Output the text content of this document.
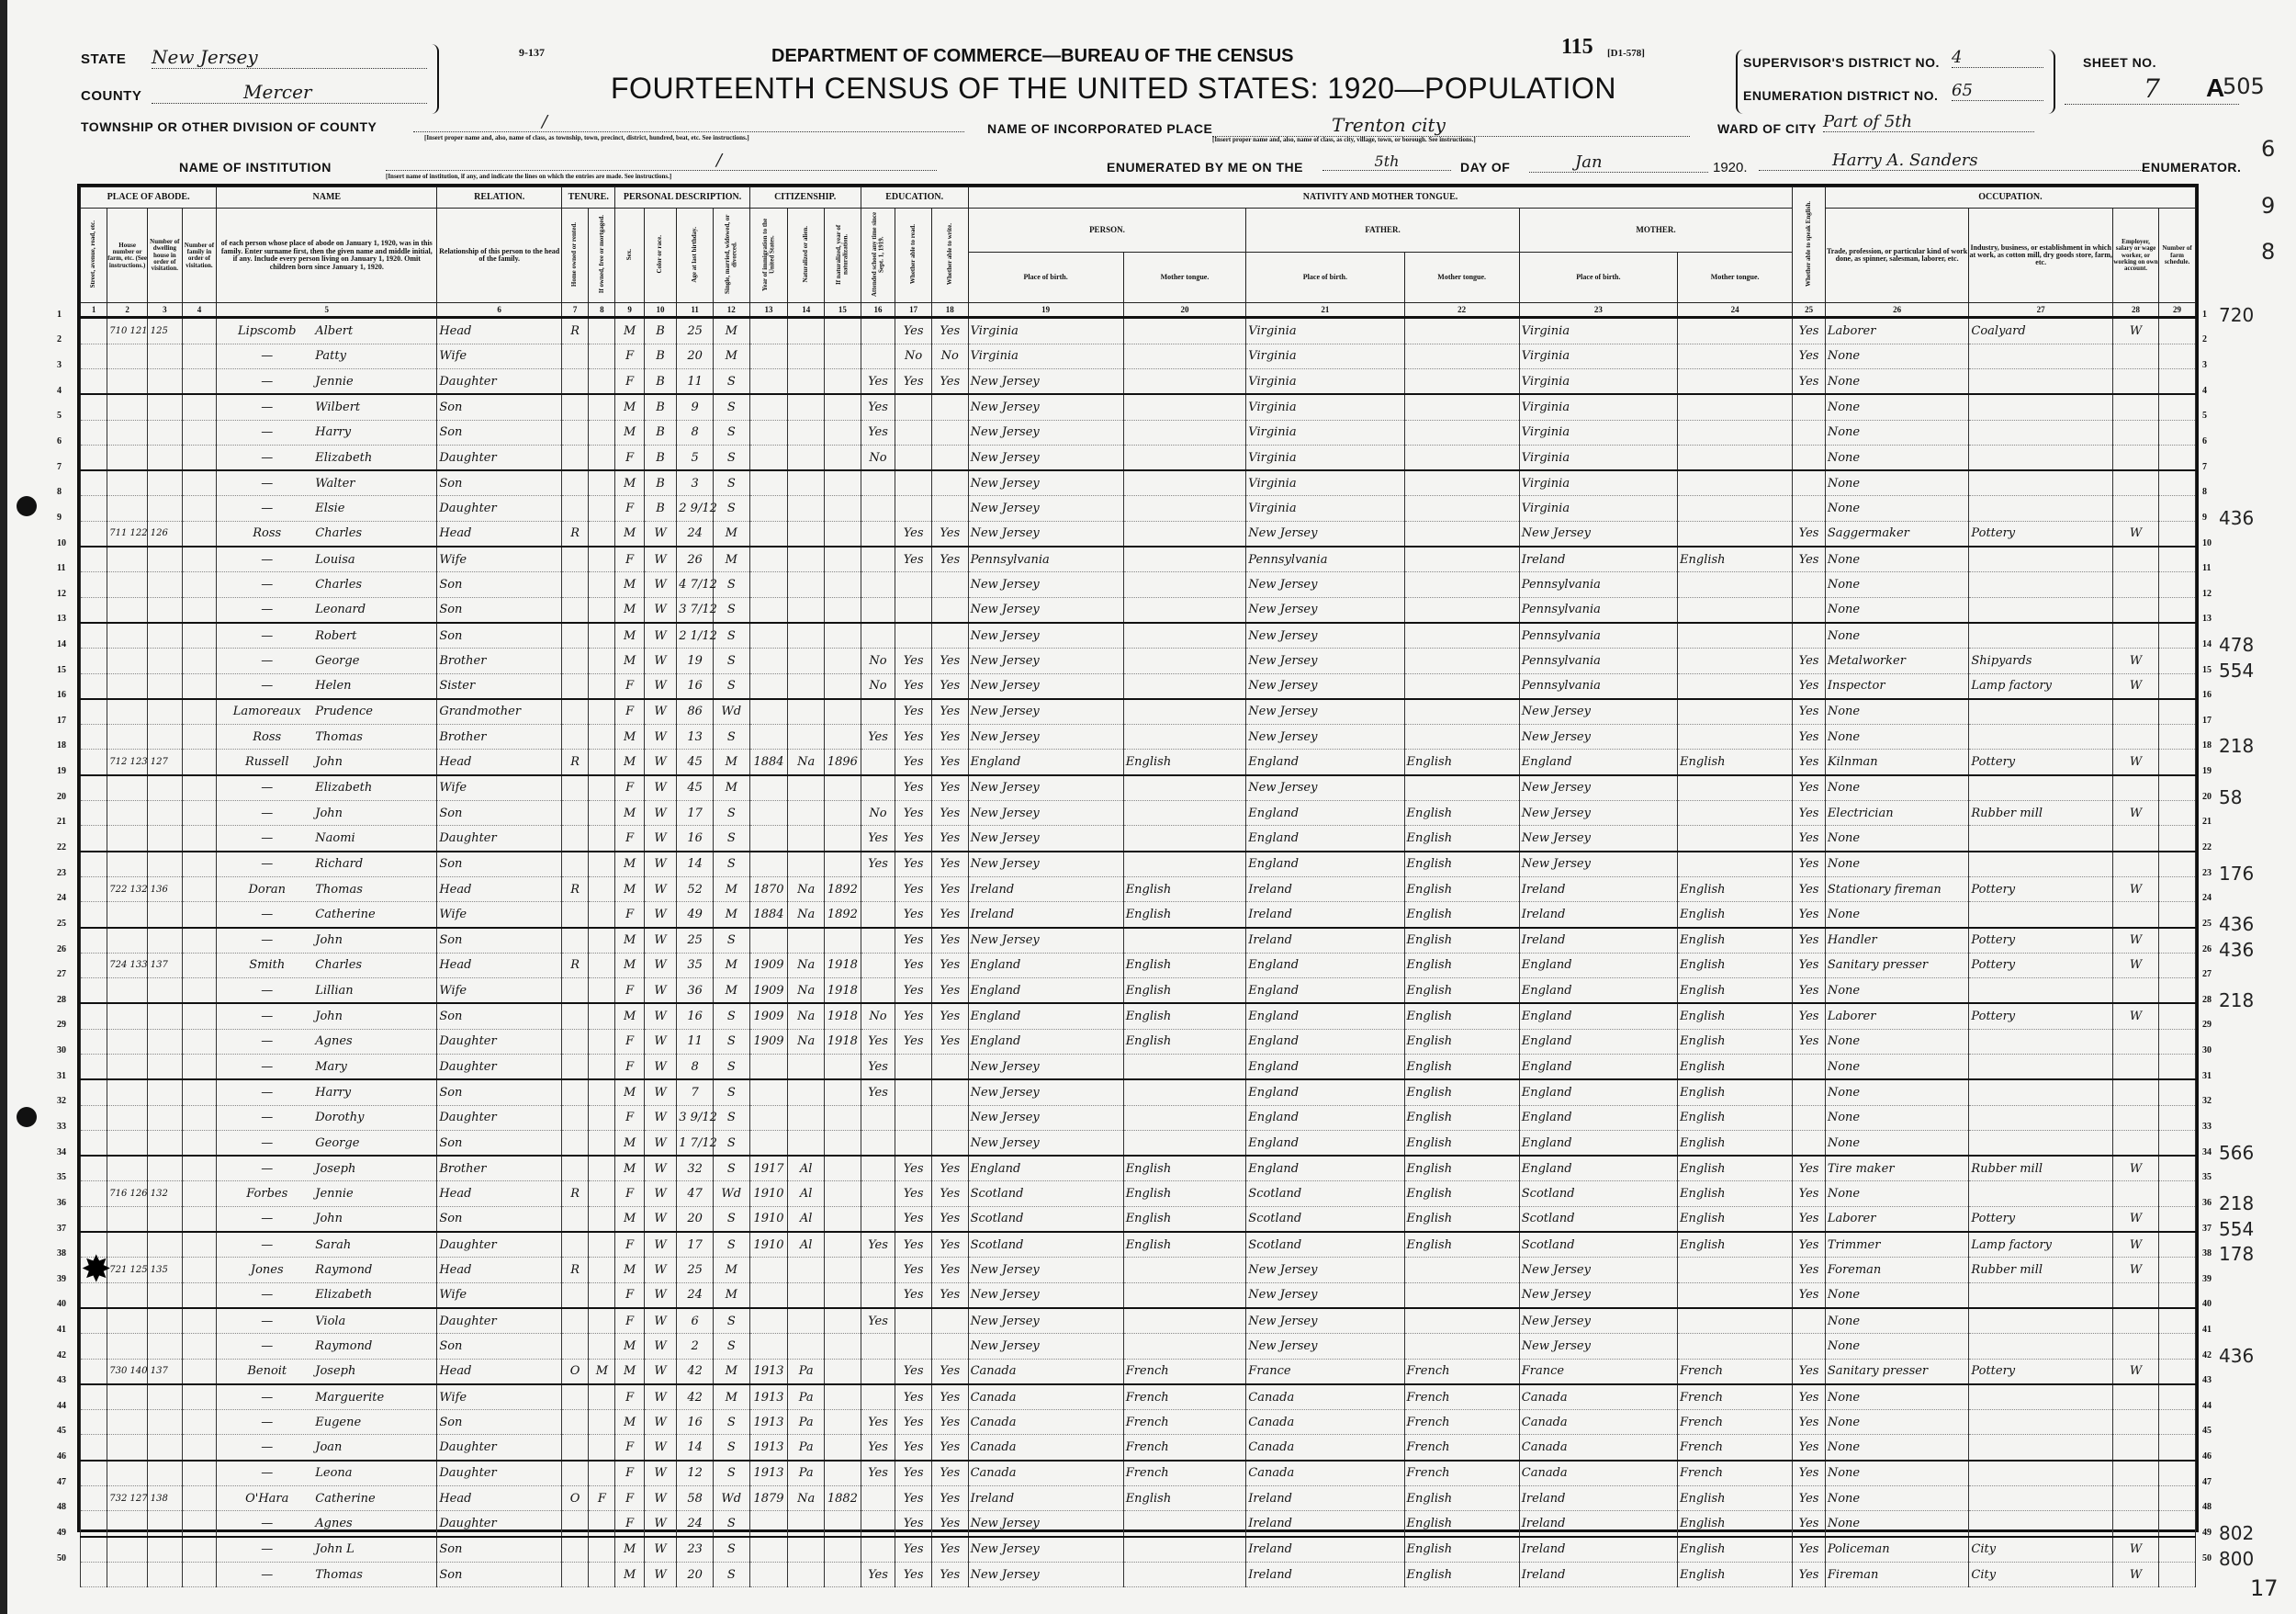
STATE New Jersey
COUNTY	Mercer
TOWNSHIP OR OTHER DIVISION OF COUNTY	/
[Insert proper name and, also, name of class, as township, town, precinct, district, hundred, beat, etc. See instructions.]
NAME OF INSTITUTION	/
[Insert name of institution, if any, and indicate the lines on which the entries are made. See instructions.]
9-137	DEPARTMENT OF COMMERCE—BUREAU OF THE CENSUS
FOURTEENTH CENSUS OF THE UNITED STATES: 1920—POPULATION
115 [D1-578]
NAME OF INCORPORATED PLACE	Trenton city
[Insert proper name and, also, name of class, as city, village, town, or borough. See instructions.]
ENUMERATED BY ME ON THE	5th	DAY OF	Jan	1920.	Harry A. Sanders	ENUMERATOR.
SUPERVISOR'S DISTRICT NO. 4
ENUMERATION DISTRICT NO. 65
SHEET NO.
7	A
WARD OF CITY Part of 5th
505
6
9
8
17
PLACE OF ABODE.	NAME	RELATION.	TENURE.	PERSONAL DESCRIPTION.	CITIZENSHIP.	EDUCATION.	NATIVITY AND MOTHER TONGUE.
	Whether able to speak English.	OCCUPATION.
Street, avenue, road, etc.	House number or farm, etc. (See instructions.)	Number of dwelling house in order of visitation.	Number of family in order of visitation.	of each person whose place of abode on January 1, 1920, was in this family. Enter surname first, then the given name and middle initial, if any. Include every person living on January 1, 1920. Omit children born since January 1, 1920.	Relationship of this person to the head of the family.	Home owned or rented.	If owned, free or mortgaged.	Sex.	Color or race.	Age at last birthday.	Single, married, widowed, or divorced.	Year of immigration to the United States.	Naturalized or alien.	If naturalized, year of naturalization.	Attended school any time since Sept. 1, 1919.	Whether able to read.	Whether able to write.	PERSON.	FATHER.	MOTHER.	Trade, profession, or particular kind of work done, as spinner, salesman, laborer, etc.	Industry, business, or establishment in which at work, as cotton mill, dry goods store, farm, etc.	Employer, salary or wage worker, or working on own account.	Number of farm schedule.
Place of birth.	Mother tongue.	Place of birth.	Mother tongue.	Place of birth.	Mother tongue.
1	2	3	4	5	6	7	8	9	10	11	12	13	14	15	16	17	18	19	20	21	22	23	24	25	26	27	28	29
	710 121 125			Lipscomb Albert	Head	R		M	B	25	M					Yes	Yes	Virginia		Virginia		Virginia		Yes	Laborer	Coalyard	W	
				—	Patty	Wife			F	B	20	M					No	No	Virginia		Virginia		Virginia		Yes	None			
				—	Jennie	Daughter			F	B	11	S				Yes	Yes	Yes	New Jersey		Virginia		Virginia		Yes	None			
				—	Wilbert	Son			M	B	9	S				Yes			New Jersey		Virginia		Virginia			None			
				—	Harry	Son			M	B	8	S				Yes			New Jersey		Virginia		Virginia			None			
				—	Elizabeth	Daughter			F	B	5	S				No			New Jersey		Virginia		Virginia			None			
				—	Walter	Son			M	B	3	S							New Jersey		Virginia		Virginia			None			
				—	Elsie	Daughter			F	B	2 9/12	S							New Jersey		Virginia		Virginia			None			
	711 122 126			Ross	Charles	Head	R		M	W	24	M					Yes	Yes	New Jersey		New Jersey		New Jersey		Yes	Saggermaker	Pottery	W	
				—	Louisa	Wife			F	W	26	M					Yes	Yes	Pennsylvania		Pennsylvania		Ireland	English	Yes	None			
				—	Charles	Son			M	W	4 7/12	S							New Jersey		New Jersey		Pennsylvania			None			
				—	Leonard	Son			M	W	3 7/12	S							New Jersey		New Jersey		Pennsylvania			None			
				—	Robert	Son			M	W	2 1/12	S							New Jersey		New Jersey		Pennsylvania			None			
				—	George	Brother			M	W	19	S				No	Yes	Yes	New Jersey		New Jersey		Pennsylvania		Yes	Metalworker	Shipyards	W	
				—	Helen	Sister			F	W	16	S				No	Yes	Yes	New Jersey		New Jersey		Pennsylvania		Yes	Inspector	Lamp factory	W	
				Lamoreaux Prudence	Grandmother			F	W	86	Wd					Yes	Yes	New Jersey		New Jersey		New Jersey		Yes	None			
				Ross	Thomas	Brother			M	W	13	S				Yes	Yes	Yes	New Jersey		New Jersey		New Jersey		Yes	None			
	712 123 127			Russell John	Head	R		M	W	45	M	1884	Na	1896		Yes	Yes	England	English	England	English	England	English	Yes	Kilnman	Pottery	W	
				—	Elizabeth	Wife			F	W	45	M					Yes	Yes	New Jersey		New Jersey		New Jersey		Yes	None			
				—	John	Son			M	W	17	S				No	Yes	Yes	New Jersey		England	English	New Jersey		Yes	Electrician	Rubber mill	W	
				—	Naomi	Daughter			F	W	16	S				Yes	Yes	Yes	New Jersey		England	English	New Jersey		Yes	None			
				—	Richard	Son			M	W	14	S				Yes	Yes	Yes	New Jersey		England	English	New Jersey		Yes	None			
	722 132 136			Doran Thomas	Head	R		M	W	52	M	1870	Na	1892		Yes	Yes	Ireland	English	Ireland	English	Ireland	English	Yes	Stationary fireman	Pottery	W	
				—	Catherine	Wife			F	W	49	M	1884	Na	1892		Yes	Yes	Ireland	English	Ireland	English	Ireland	English	Yes	None			
				—	John	Son			M	W	25	S					Yes	Yes	New Jersey		Ireland	English	Ireland	English	Yes	Handler	Pottery	W	
	724 133 137			Smith	Charles	Head	R		M	W	35	M	1909	Na	1918		Yes	Yes	England	English	England	English	England	English	Yes	Sanitary presser	Pottery	W	
				—	Lillian	Wife			F	W	36	M	1909	Na	1918		Yes	Yes	England	English	England	English	England	English	Yes	None			
				—	John	Son			M	W	16	S	1909	Na	1918	No	Yes	Yes	England	English	England	English	England	English	Yes	Laborer	Pottery	W	
				—	Agnes	Daughter			F	W	11	S	1909	Na	1918	Yes	Yes	Yes	England	English	England	English	England	English	Yes	None			
				—	Mary	Daughter			F	W	8	S				Yes			New Jersey		England	English	England	English		None			
				—	Harry	Son			M	W	7	S				Yes			New Jersey		England	English	England	English		None			
				—	Dorothy	Daughter			F	W	3 9/12	S							New Jersey		England	English	England	English		None			
				—	George	Son			M	W	1 7/12	S							New Jersey		England	English	England	English		None			
				—	Joseph	Brother			M	W	32	S	1917	Al			Yes	Yes	England	English	England	English	England	English	Yes	Tire maker	Rubber mill	W	
	716 126 132			Forbes Jennie	Head	R		F	W	47	Wd	1910	Al			Yes	Yes	Scotland	English	Scotland	English	Scotland	English	Yes	None			
				—	John	Son			M	W	20	S	1910	Al			Yes	Yes	Scotland	English	Scotland	English	Scotland	English	Yes	Laborer	Pottery	W	
				—	Sarah	Daughter			F	W	17	S	1910	Al		Yes	Yes	Yes	Scotland	English	Scotland	English	Scotland	English	Yes	Trimmer	Lamp factory	W	
	721 125 135			Jones	Raymond	Head	R		M	W	25	M					Yes	Yes	New Jersey		New Jersey		New Jersey		Yes	Foreman	Rubber mill	W	
				—	Elizabeth	Wife			F	W	24	M					Yes	Yes	New Jersey		New Jersey		New Jersey		Yes	None			
				—	Viola	Daughter			F	W	6	S				Yes			New Jersey		New Jersey		New Jersey			None			
				—	Raymond	Son			M	W	2	S							New Jersey		New Jersey		New Jersey			None			
	730 140 137			Benoit Joseph	Head	O	M	M	W	42	M	1913	Pa			Yes	Yes	Canada	French	France	French	France	French	Yes	Sanitary presser	Pottery	W	
				—	Marguerite	Wife			F	W	42	M	1913	Pa			Yes	Yes	Canada	French	Canada	French	Canada	French	Yes	None			
				—	Eugene	Son			M	W	16	S	1913	Pa		Yes	Yes	Yes	Canada	French	Canada	French	Canada	French	Yes	None			
				—	Joan	Daughter			F	W	14	S	1913	Pa		Yes	Yes	Yes	Canada	French	Canada	French	Canada	French	Yes	None			
				—	Leona	Daughter			F	W	12	S	1913	Pa		Yes	Yes	Yes	Canada	French	Canada	French	Canada	French	Yes	None			
	732 127 138			O'Hara Catherine	Head	O	F	F	W	58	Wd	1879	Na	1882		Yes	Yes	Ireland	English	Ireland	English	Ireland	English	Yes	None			
				—	Agnes	Daughter			F	W	24	S					Yes	Yes	New Jersey		Ireland	English	Ireland	English	Yes	None			
				—	John L	Son			M	W	23	S					Yes	Yes	New Jersey		Ireland	English	Ireland	English	Yes	Policeman	City	W	
				—	Thomas	Son			M	W	20	S				Yes	Yes	Yes	New Jersey		Ireland	English	Ireland	English	Yes	Fireman	City	W	
1
2
3
4
5
6
7
8
9
10
11
12
13
14
15
16
17
18
19
20
21
22
23
24
25
26
27
28
29
30
31
32
33
34
35
36
37
38
39
40
41
42
43
44
45
46
47
48
49
50
1
2
3
4
5
6
7
8
9
10
11
12
13
14
15
16
17
18
19
20
21
22
23
24
25
26
27
28
29
30
31
32
33
34
35
36
37
38
39
40
41
42
43
44
45
46
47
48
49
50
720
436
478
554
218
58
176
436
436
218
566
218
554
178
436
802
800
✸
